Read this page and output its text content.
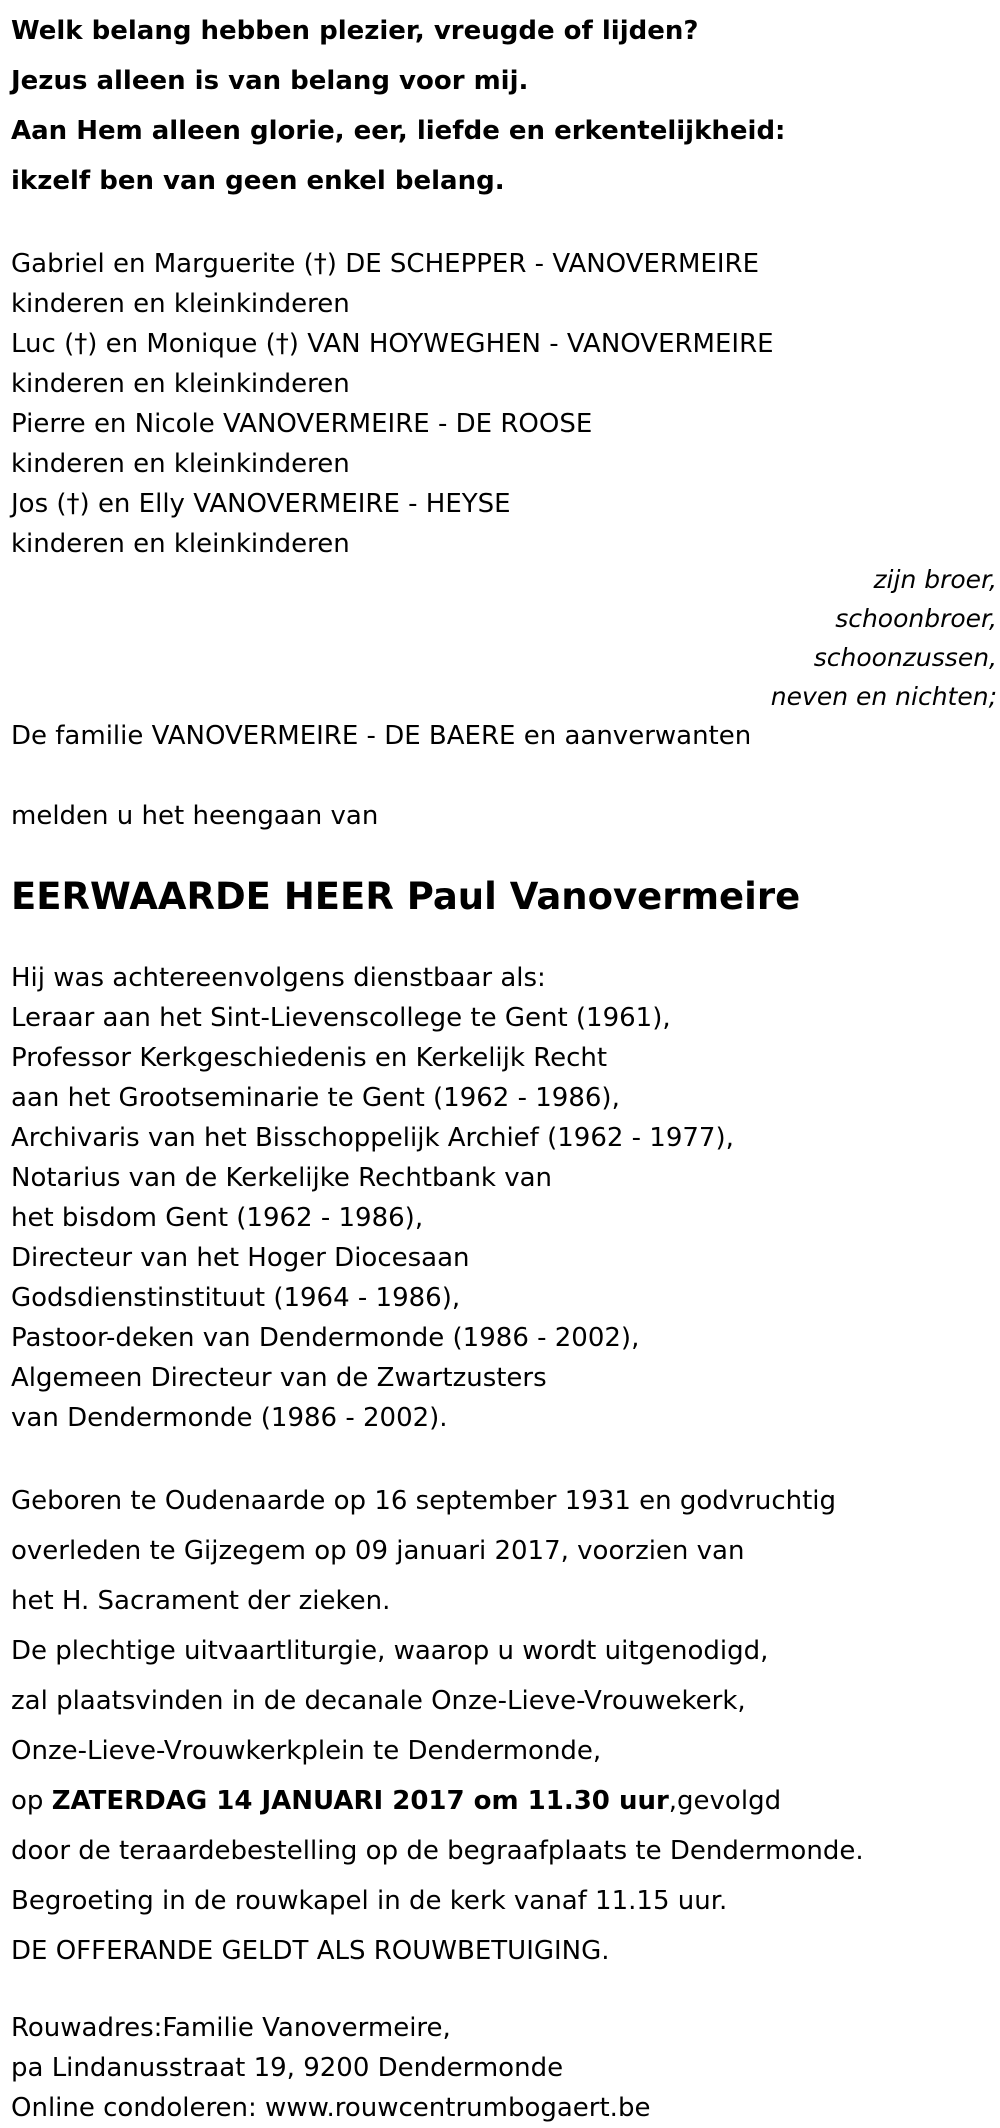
Welk belang hebben plezier, vreugde of lijden?
Jezus alleen is van belang voor mij.
Aan Hem alleen glorie, eer, liefde en erkentelijkheid:
ikzelf ben van geen enkel belang.
Gabriel en Marguerite (†) DE SCHEPPER - VANOVERMEIRE
kinderen en kleinkinderen
Luc (†) en Monique (†) VAN HOYWEGHEN - VANOVERMEIRE
kinderen en kleinkinderen
Pierre en Nicole VANOVERMEIRE - DE ROOSE
kinderen en kleinkinderen
Jos (†) en Elly VANOVERMEIRE - HEYSE
kinderen en kleinkinderen
zijn broer,
schoonbroer,
schoonzussen,
neven en nichten;
De familie VANOVERMEIRE - DE BAERE en aanverwanten
melden u het heengaan van
EERWAARDE HEER Paul Vanovermeire
Hij was achtereenvolgens dienstbaar als:
Leraar aan het Sint-Lievenscollege te Gent (1961),
Professor Kerkgeschiedenis en Kerkelijk Recht
aan het Grootseminarie te Gent (1962 - 1986),
Archivaris van het Bisschoppelijk Archief (1962 - 1977),
Notarius van de Kerkelijke Rechtbank van
het bisdom Gent (1962 - 1986),
Directeur van het Hoger Diocesaan
Godsdienstinstituut (1964 - 1986),
Pastoor-deken van Dendermonde (1986 - 2002),
Algemeen Directeur van de Zwartzusters
van Dendermonde (1986 - 2002).
Geboren te Oudenaarde op 16 september 1931 en godvruchtig
overleden te Gijzegem op 09 januari 2017, voorzien van
het H. Sacrament der zieken.
De plechtige uitvaartliturgie, waarop u wordt uitgenodigd,
zal plaatsvinden in de decanale Onze-Lieve-Vrouwekerk,
Onze-Lieve-Vrouwkerkplein te Dendermonde,
op ZATERDAG 14 JANUARI 2017 om 11.30 uur,gevolgd
door de teraardebestelling op de begraafplaats te Dendermonde.
Begroeting in de rouwkapel in de kerk vanaf 11.15 uur.
DE OFFERANDE GELDT ALS ROUWBETUIGING.
Rouwadres:Familie Vanovermeire,
pa Lindanusstraat 19, 9200 Dendermonde
Online condoleren: www.rouwcentrumbogaert.be
